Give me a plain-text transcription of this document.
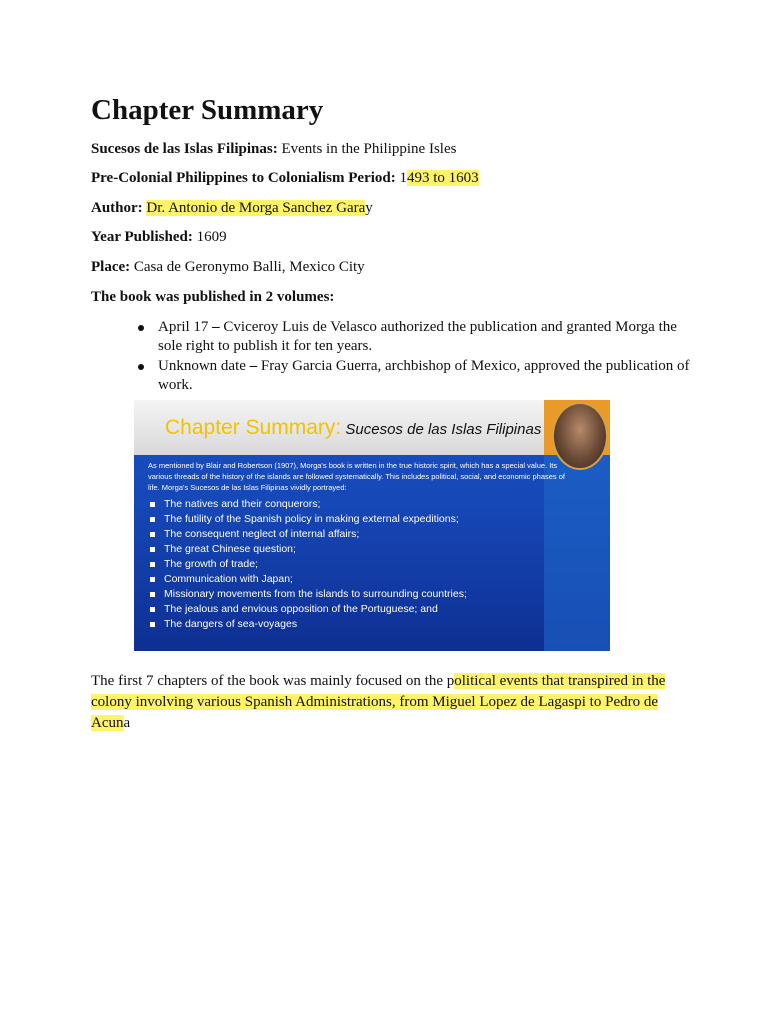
Chapter Summary
Sucesos de las Islas Filipinas: Events in the Philippine Isles
Pre-Colonial Philippines to Colonialism Period: 1493 to 1603
Author: Dr. Antonio de Morga Sanchez Garay
Year Published: 1609
Place: Casa de Geronymo Balli, Mexico City
The book was published in 2 volumes:
April 17 – Cviceroy Luis de Velasco authorized the publication and granted Morga the sole right to publish it for ten years.
Unknown date – Fray Garcia Guerra, archbishop of Mexico, approved the publication of work.
Chapter Summary: Sucesos de las Islas Filipinas
As mentioned by Blair and Robertson (1907), Morga's book is written in the true historic spirit, which has a special value. Its various threads of the history of the islands are followed systematically. This includes political, social, and economic phases of life. Morga's Sucesos de las Islas Filipinas vividly portrayed:
The natives and their conquerors;
The futility of the Spanish policy in making external expeditions;
The consequent neglect of internal affairs;
The great Chinese question;
The growth of trade;
Communication with Japan;
Missionary movements from the islands to surrounding countries;
The jealous and envious opposition of the Portuguese; and
The dangers of sea-voyages
The first 7 chapters of the book was mainly focused on the political events that transpired in the colony involving various Spanish Administrations, from Miguel Lopez de Lagaspi to Pedro de Acuna
